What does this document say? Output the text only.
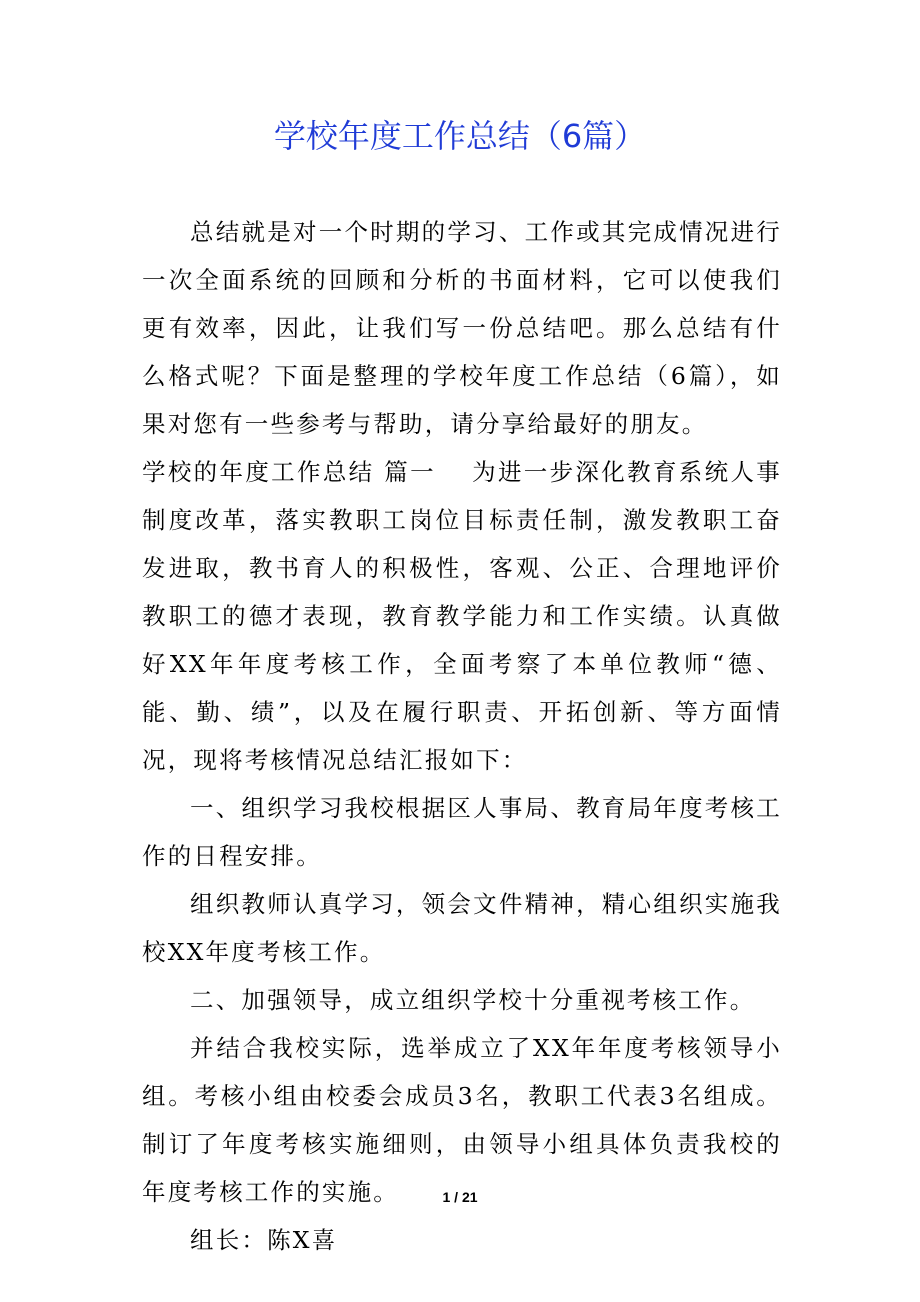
学校年度工作总结（6篇）

总结就是对一个时期的学习、工作或其完成情况进行一次全面系统的回顾和分析的书面材料，它可以使我们更有效率，因此，让我们写一份总结吧。那么总结有什么格式呢？下面是整理的学校年度工作总结（6篇），如果对您有一些参考与帮助，请分享给最好的朋友。

学校的年度工作总结 篇一 为进一步深化教育系统人事制度改革，落实教职工岗位目标责任制，激发教职工奋发进取，教书育人的积极性，客观、公正、合理地评价教职工的德才表现，教育教学能力和工作实绩。认真做好XX年年度考核工作，全面考察了本单位教师“德、能、勤、绩”，以及在履行职责、开拓创新、等方面情况，现将考核情况总结汇报如下：

一、组织学习我校根据区人事局、教育局年度考核工作的日程安排。

组织教师认真学习，领会文件精神，精心组织实施我校XX年度考核工作。

二、加强领导，成立组织学校十分重视考核工作。

并结合我校实际，选举成立了XX年年度考核领导小组。考核小组由校委会成员3名，教职工代表3名组成。制订了年度考核实施细则，由领导小组具体负责我校的年度考核工作的实施。

组长：陈X喜

1 / 21
